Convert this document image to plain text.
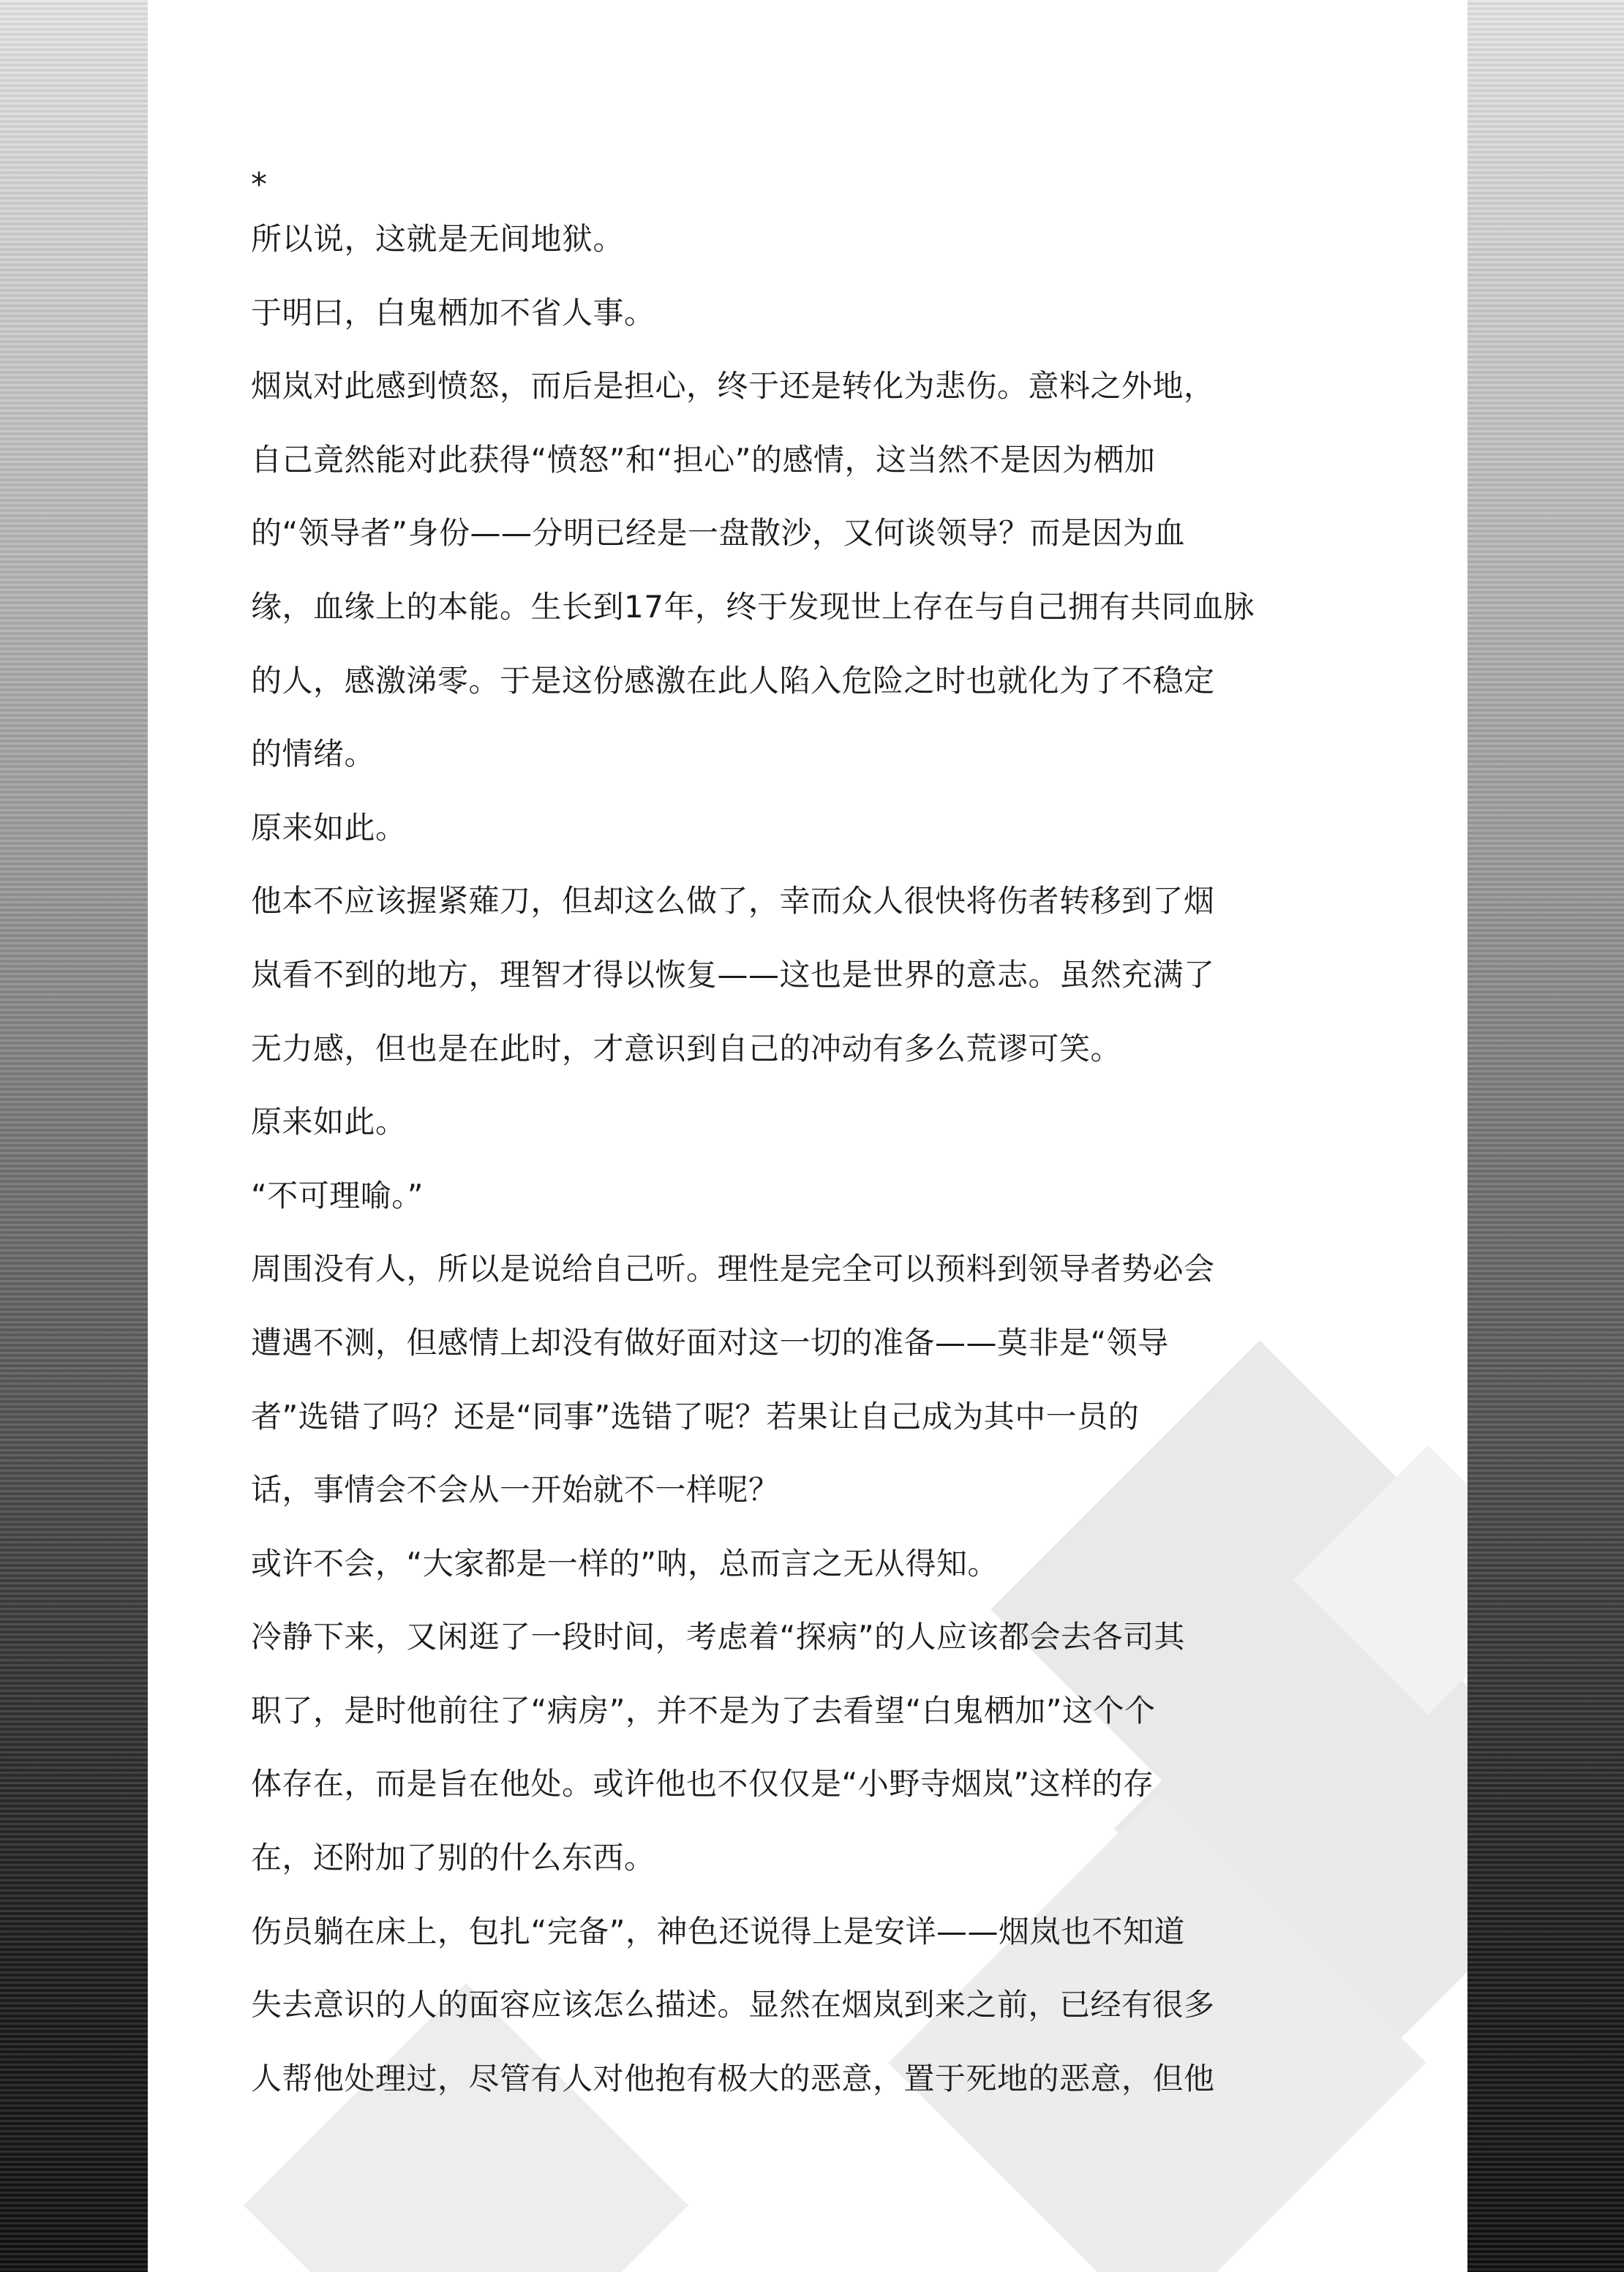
*
所以说，这就是无间地狱。
于明曰，白鬼栖加不省人事。
烟岚对此感到愤怒，而后是担心，终于还是转化为悲伤。意料之外地，
自己竟然能对此获得“愤怒”和“担心”的感情，这当然不是因为栖加
的“领导者”身份——分明已经是一盘散沙，又何谈领导？而是因为血
缘，血缘上的本能。生长到17年，终于发现世上存在与自己拥有共同血脉
的人，感激涕零。于是这份感激在此人陷入危险之时也就化为了不稳定
的情绪。
原来如此。
他本不应该握紧薙刀，但却这么做了，幸而众人很快将伤者转移到了烟
岚看不到的地方，理智才得以恢复——这也是世界的意志。虽然充满了
无力感，但也是在此时，才意识到自己的冲动有多么荒谬可笑。
原来如此。
“不可理喻。”
周围没有人，所以是说给自己听。理性是完全可以预料到领导者势必会
遭遇不测，但感情上却没有做好面对这一切的准备——莫非是“领导
者”选错了吗？还是“同事”选错了呢？若果让自己成为其中一员的
话，事情会不会从一开始就不一样呢？
或许不会，“大家都是一样的”呐，总而言之无从得知。
冷静下来，又闲逛了一段时间，考虑着“探病”的人应该都会去各司其
职了，是时他前往了“病房”，并不是为了去看望“白鬼栖加”这个个
体存在，而是旨在他处。或许他也不仅仅是“小野寺烟岚”这样的存
在，还附加了别的什么东西。
伤员躺在床上，包扎“完备”，神色还说得上是安详——烟岚也不知道
失去意识的人的面容应该怎么描述。显然在烟岚到来之前，已经有很多
人帮他处理过，尽管有人对他抱有极大的恶意，置于死地的恶意，但他
